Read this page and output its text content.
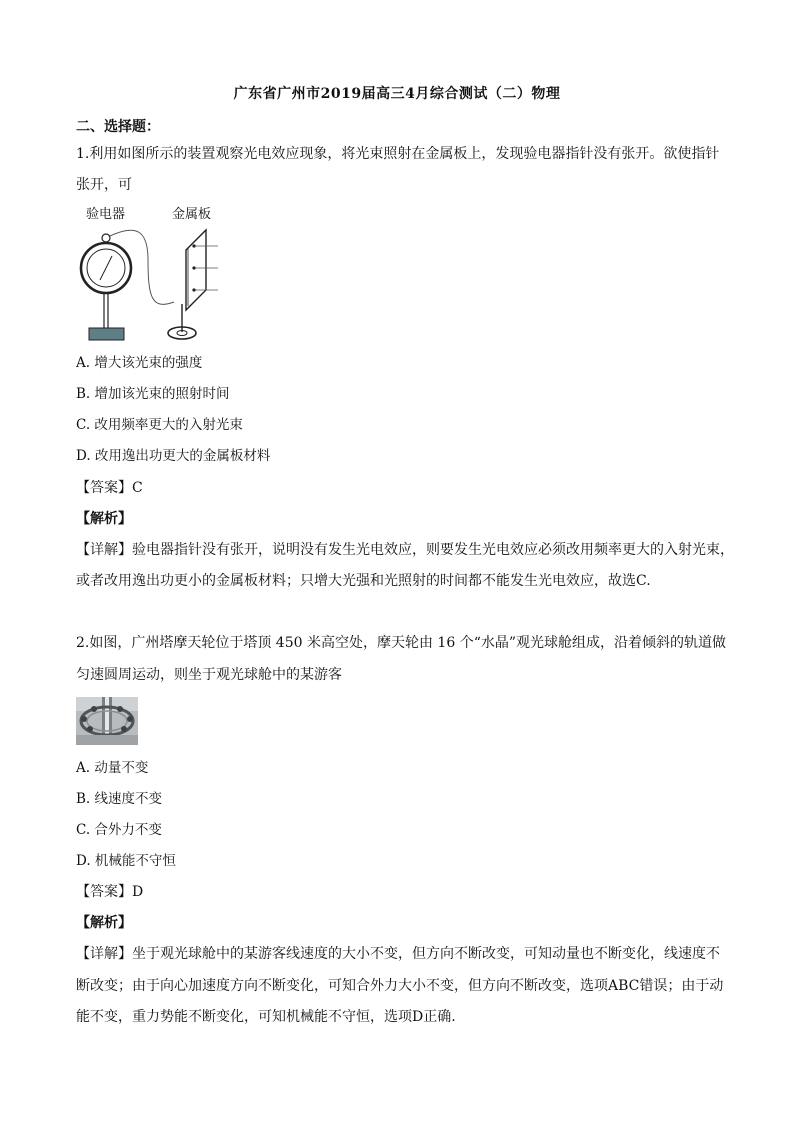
广东省广州市2019届高三4月综合测试（二）物理
二、选择题：
1.利用如图所示的装置观察光电效应现象，将光束照射在金属板上，发现验电器指针没有张开。欲使指针
张开，可
验电器	金属板
A. 增大该光束的强度
B. 增加该光束的照射时间
C. 改用频率更大的入射光束
D. 改用逸出功更大的金属板材料
【答案】C
【解析】
【详解】验电器指针没有张开，说明没有发生光电效应，则要发生光电效应必须改用频率更大的入射光束，
或者改用逸出功更小的金属板材料；只增大光强和光照射的时间都不能发生光电效应，故选C.
2.如图，广州塔摩天轮位于塔顶 450 米高空处，摩天轮由 16 个“水晶”观光球舱组成，沿着倾斜的轨道做
匀速圆周运动，则坐于观光球舱中的某游客
A. 动量不变
B. 线速度不变
C. 合外力不变
D. 机械能不守恒
【答案】D
【解析】
【详解】坐于观光球舱中的某游客线速度的大小不变，但方向不断改变，可知动量也不断变化，线速度不
断改变；由于向心加速度方向不断变化，可知合外力大小不变，但方向不断改变，选项ABC错误；由于动
能不变，重力势能不断变化，可知机械能不守恒，选项D正确.
